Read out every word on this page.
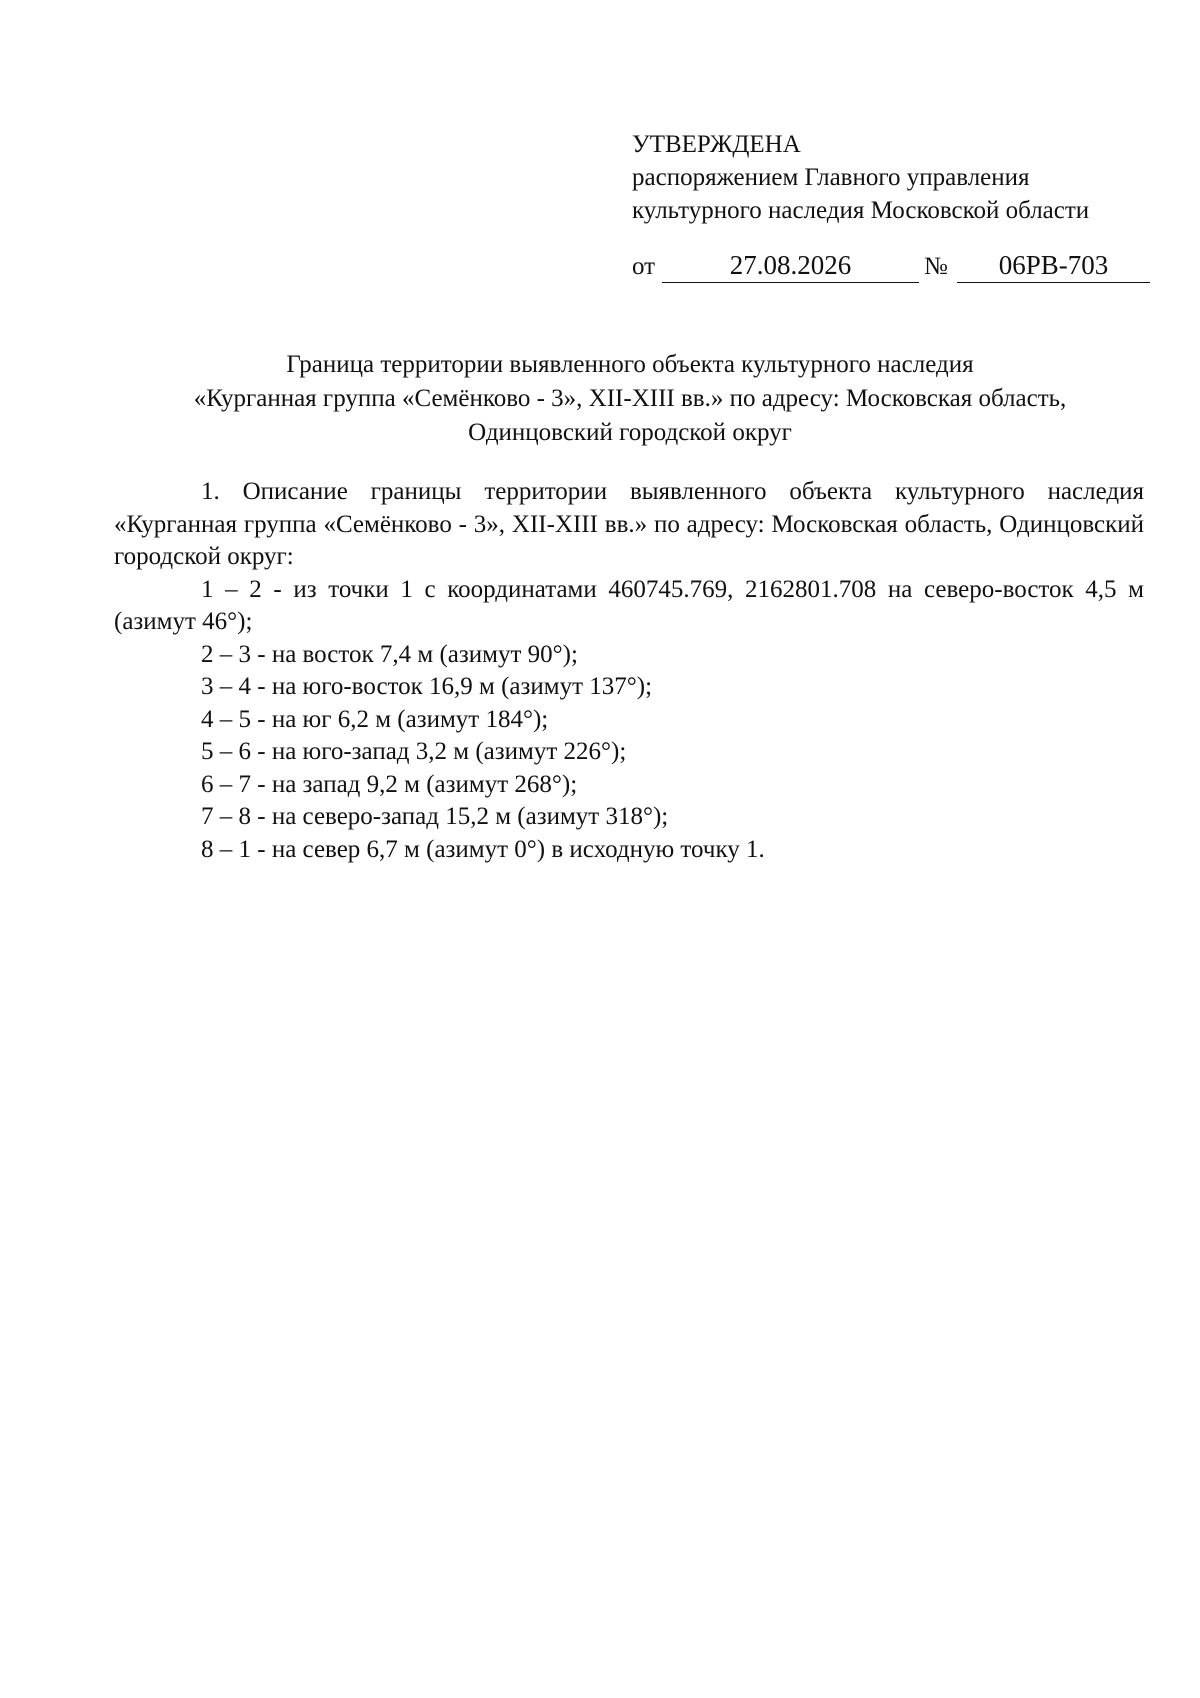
УТВЕРЖДЕНА
распоряжением Главного управления
культурного наследия Московской области
от	27.08.2026	№	06РВ-703
Граница территории выявленного объекта культурного наследия
«Курганная группа «Семёнково - 3», XII-XIII вв.» по адресу: Московская область,
Одинцовский городской округ

1. Описание границы территории выявленного объекта культурного наследия «Курганная группа «Семёнково - 3», XII-XIII вв.» по адресу: Московская область, Одинцовский городской округ:

1 – 2 - из точки 1 с координатами 460745.769, 2162801.708 на северо-восток 4,5 м (азимут 46°);

2 – 3 - на восток 7,4 м (азимут 90°);

3 – 4 - на юго-восток 16,9 м (азимут 137°);

4 – 5 - на юг 6,2 м (азимут 184°);

5 – 6 - на юго-запад 3,2 м (азимут 226°);

6 – 7 - на запад 9,2 м (азимут 268°);

7 – 8 - на северо-запад 15,2 м (азимут 318°);

8 – 1 - на север 6,7 м (азимут 0°) в исходную точку 1.
